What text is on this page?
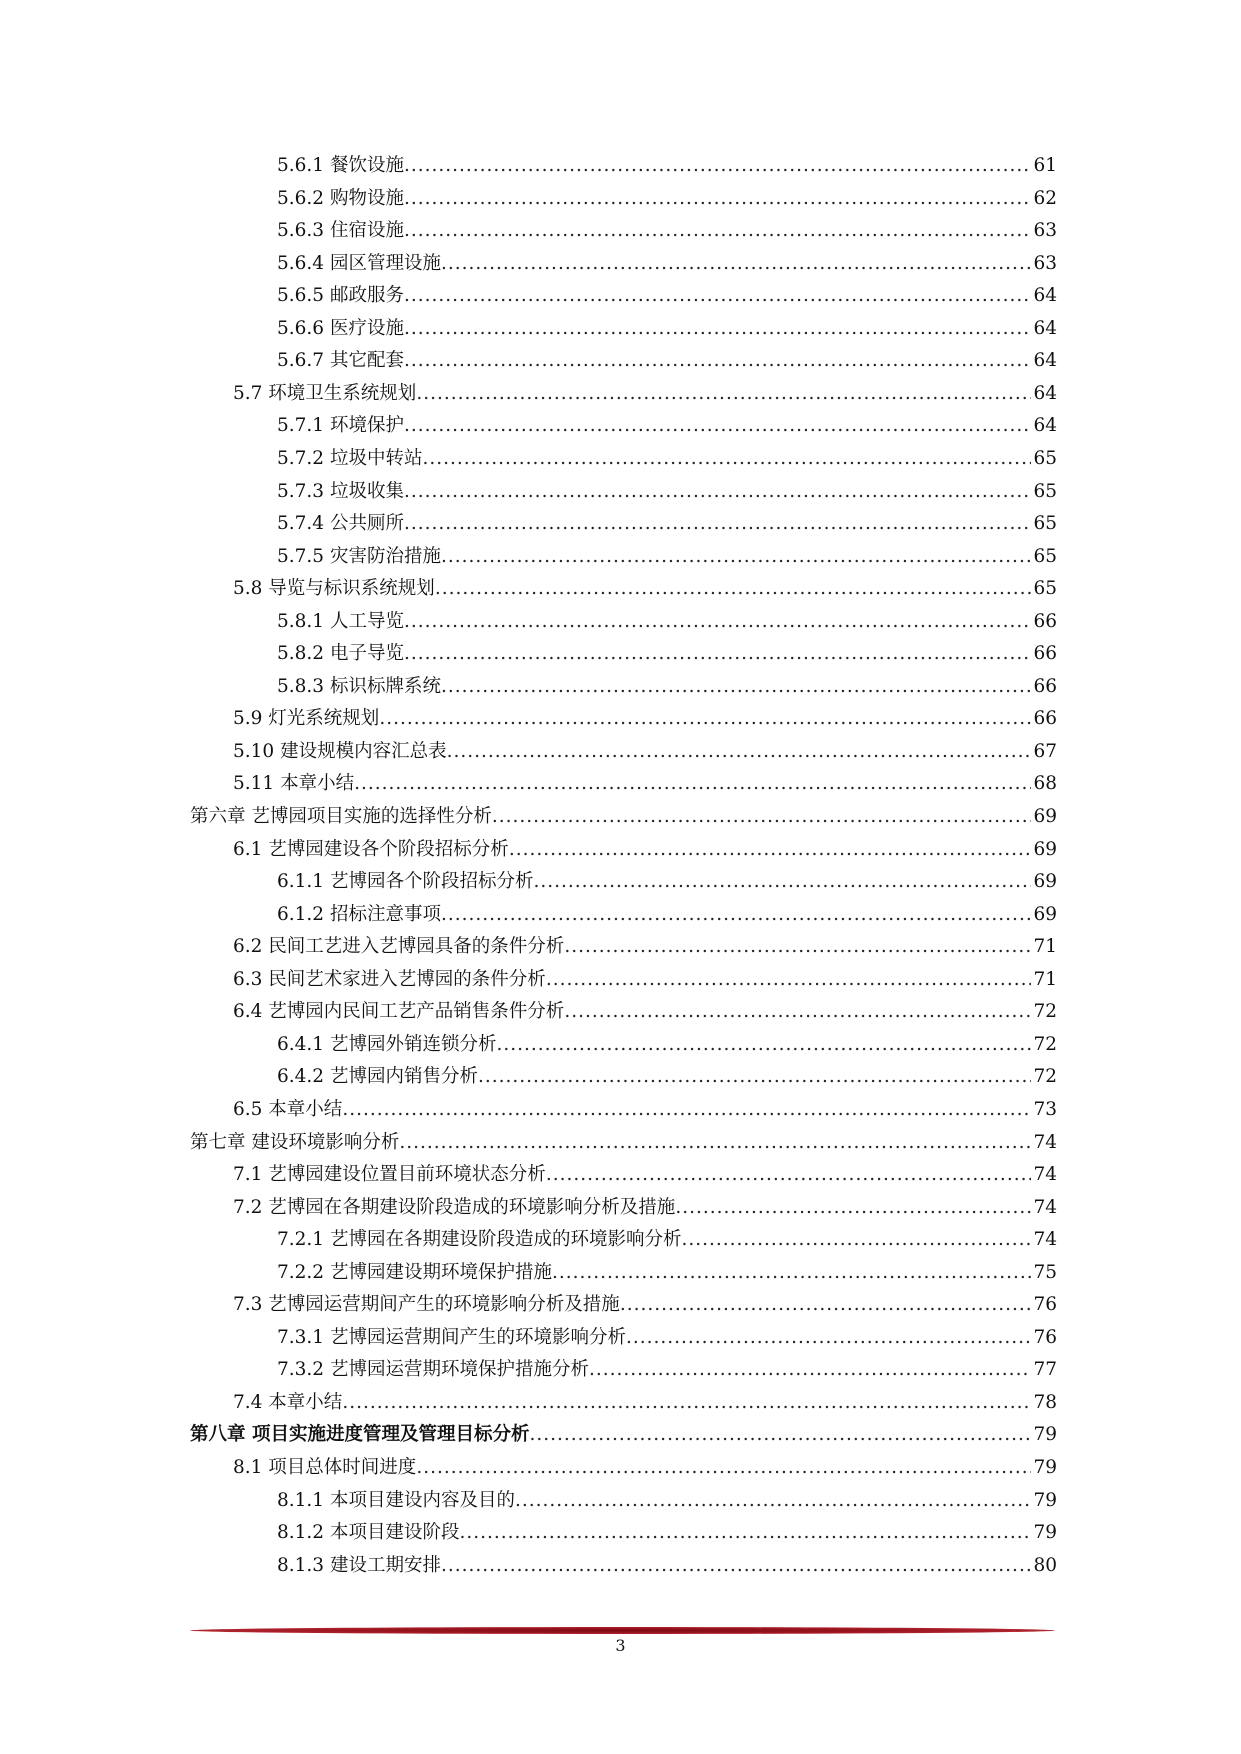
5.6.1 餐饮设施 .....	61
5.6.2 购物设施 .....	62
5.6.3 住宿设施 .....	63
5.6.4 园区管理设施 .....	63
5.6.5 邮政服务 .....	64
5.6.6 医疗设施 .....	64
5.6.7 其它配套 .....	64
5.7 环境卫生系统规划 .....	64
5.7.1 环境保护 .....	64
5.7.2 垃圾中转站 .....	65
5.7.3 垃圾收集 .....	65
5.7.4 公共厕所 .....	65
5.7.5 灾害防治措施 .....	65
5.8 导览与标识系统规划 .....	65
5.8.1 人工导览 .....	66
5.8.2 电子导览 .....	66
5.8.3 标识标牌系统 .....	66
5.9 灯光系统规划 .....	66
5.10 建设规模内容汇总表 .....	67
5.11 本章小结 .....	68
第六章 艺博园项目实施的选择性分析 .....	69
6.1 艺博园建设各个阶段招标分析 .....	69
6.1.1 艺博园各个阶段招标分析 .....	69
6.1.2 招标注意事项 .....	69
6.2 民间工艺进入艺博园具备的条件分析 .....	71
6.3 民间艺术家进入艺博园的条件分析 .....	71
6.4 艺博园内民间工艺产品销售条件分析 .....	72
6.4.1 艺博园外销连锁分析 .....	72
6.4.2 艺博园内销售分析 .....	72
6.5 本章小结 .....	73
第七章 建设环境影响分析 .....	74
7.1 艺博园建设位置目前环境状态分析 .....	74
7.2 艺博园在各期建设阶段造成的环境影响分析及措施 .....	74
7.2.1 艺博园在各期建设阶段造成的环境影响分析 .....	74
7.2.2 艺博园建设期环境保护措施 .....	75
7.3 艺博园运营期间产生的环境影响分析及措施 .....	76
7.3.1 艺博园运营期间产生的环境影响分析 .....	76
7.3.2 艺博园运营期环境保护措施分析 .....	77
7.4 本章小结 .....	78
第八章 项目实施进度管理及管理目标分析 .....	79
8.1 项目总体时间进度 .....	79
8.1.1 本项目建设内容及目的 .....	79
8.1.2 本项目建设阶段 .....	79
8.1.3 建设工期安排 .....	80
3
